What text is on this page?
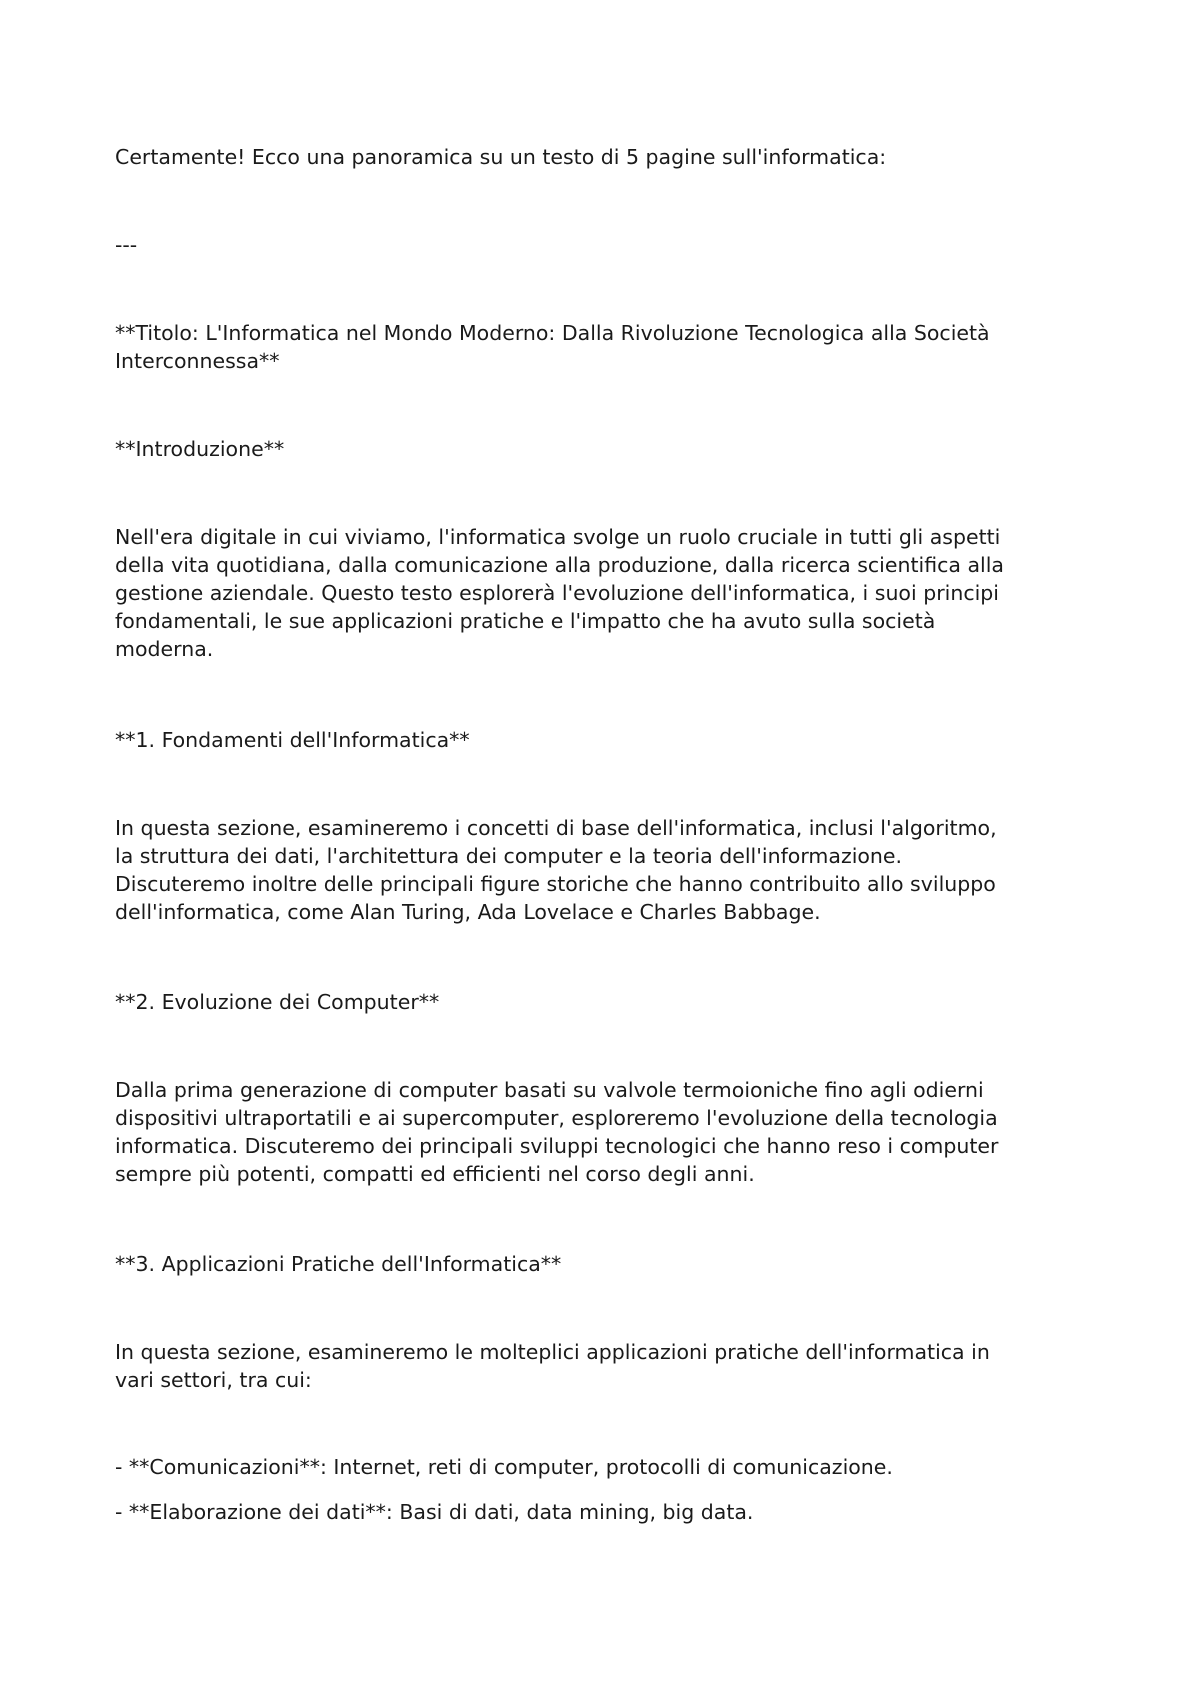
Certamente! Ecco una panoramica su un testo di 5 pagine sull'informatica:
---
**Titolo: L'Informatica nel Mondo Moderno: Dalla Rivoluzione Tecnologica alla Società
Interconnessa**
**Introduzione**
Nell'era digitale in cui viviamo, l'informatica svolge un ruolo cruciale in tutti gli aspetti
della vita quotidiana, dalla comunicazione alla produzione, dalla ricerca scientifica alla
gestione aziendale. Questo testo esplorerà l'evoluzione dell'informatica, i suoi principi
fondamentali, le sue applicazioni pratiche e l'impatto che ha avuto sulla società
moderna.
**1. Fondamenti dell'Informatica**
In questa sezione, esamineremo i concetti di base dell'informatica, inclusi l'algoritmo,
la struttura dei dati, l'architettura dei computer e la teoria dell'informazione.
Discuteremo inoltre delle principali figure storiche che hanno contribuito allo sviluppo
dell'informatica, come Alan Turing, Ada Lovelace e Charles Babbage.
**2. Evoluzione dei Computer**
Dalla prima generazione di computer basati su valvole termoioniche fino agli odierni
dispositivi ultraportatili e ai supercomputer, esploreremo l'evoluzione della tecnologia
informatica. Discuteremo dei principali sviluppi tecnologici che hanno reso i computer
sempre più potenti, compatti ed efficienti nel corso degli anni.
**3. Applicazioni Pratiche dell'Informatica**
In questa sezione, esamineremo le molteplici applicazioni pratiche dell'informatica in
vari settori, tra cui:
- **Comunicazioni**: Internet, reti di computer, protocolli di comunicazione.
- **Elaborazione dei dati**: Basi di dati, data mining, big data.
